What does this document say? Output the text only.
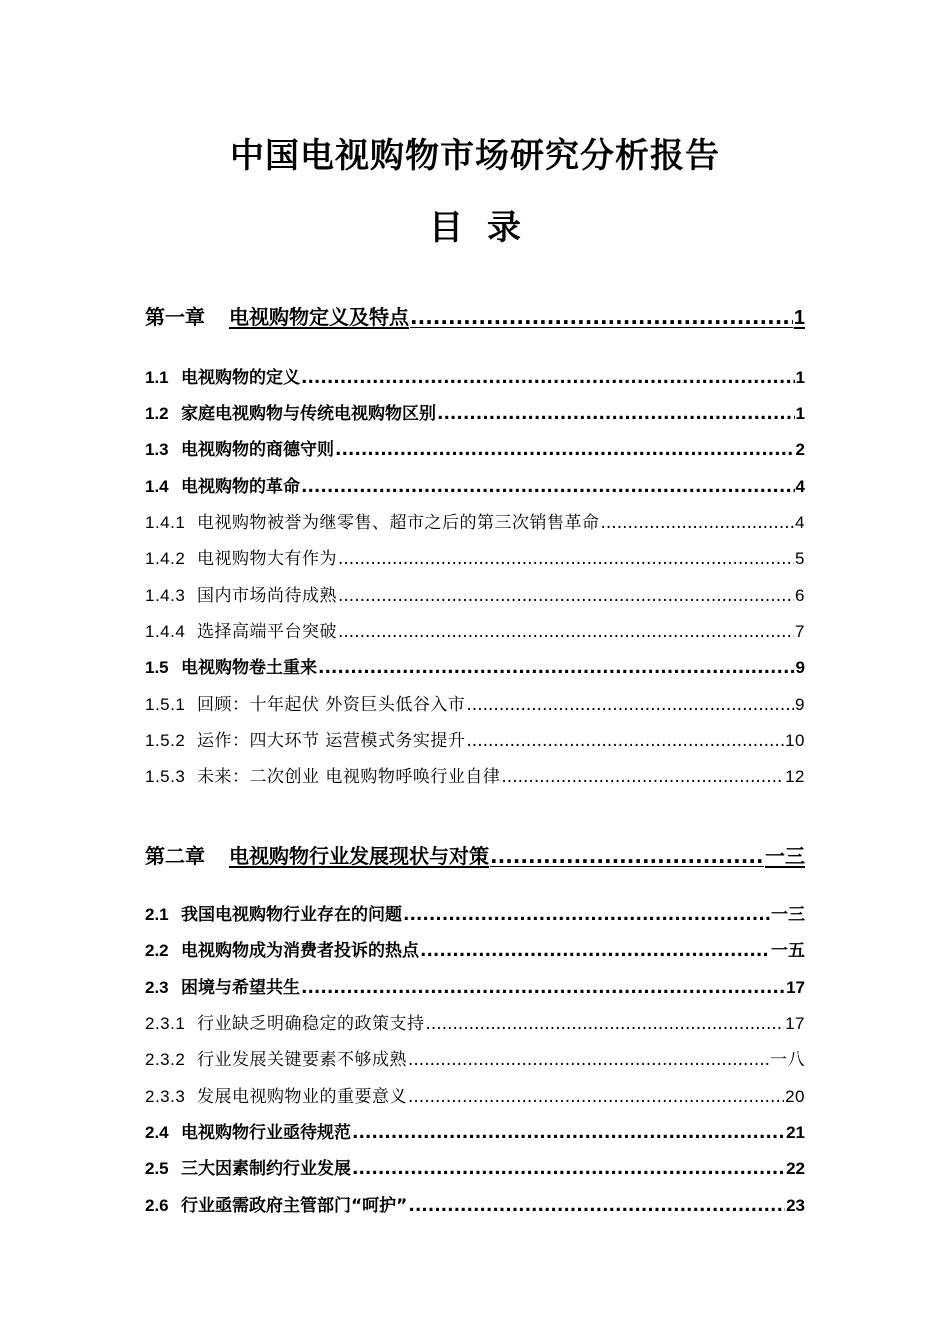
中国电视购物市场研究分析报告
目 录
第一章 电视购物定义及特点 .....	1
1.1 电视购物的定义 .....	1
1.2 家庭电视购物与传统电视购物区别 .....	1
1.3 电视购物的商德守则 .....	2
1.4 电视购物的革命 .....	4
1.4.1 电视购物被誉为继零售、超市之后的第三次销售革命 .....	4
1.4.2 电视购物大有作为 .....	5
1.4.3 国内市场尚待成熟 .....	6
1.4.4 选择高端平台突破 .....	7
1.5 电视购物卷土重来 .....	9
1.5.1 回顾：十年起伏 外资巨头低谷入市 .....	9
1.5.2 运作：四大环节 运营模式务实提升 .....	10
1.5.3 未来：二次创业 电视购物呼唤行业自律 .....	12
第二章 电视购物行业发展现状与对策 .....	一三
2.1 我国电视购物行业存在的问题 .....	一三
2.2 电视购物成为消费者投诉的热点 .....	一五
2.3 困境与希望共生 .....	17
2.3.1 行业缺乏明确稳定的政策支持 .....	17
2.3.2 行业发展关键要素不够成熟 .....	一八
2.3.3 发展电视购物业的重要意义 .....	20
2.4 电视购物行业亟待规范 .....	21
2.5 三大因素制约行业发展 .....	22
2.6 行业亟需政府主管部门“呵护” .....	23
